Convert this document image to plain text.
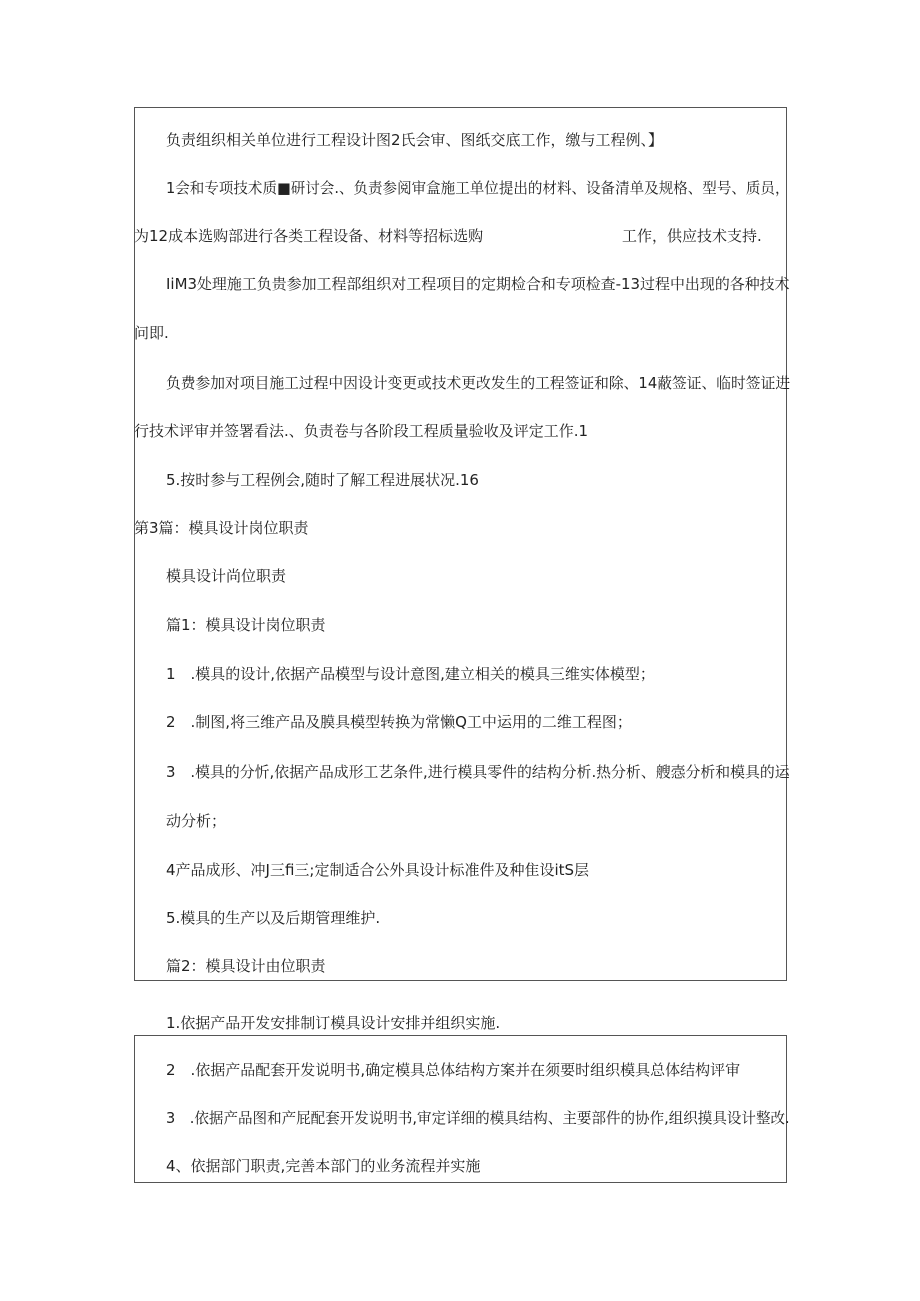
负责组织相关单位进行工程设计图2氏会审、图纸交底工作，缴与工程例、】
1会和专项技术质■研讨会.、负责参阅审盒施工单位提出的材料、设备清单及规格、型号、质员，
为12成本选购部进行各类工程设备、材料等招标选购	工作，供应技术支持.
IiM3处理施工负贵参加工程部组织对工程项目的定期检合和专项检查-13过程中出现的各种技术
问即.
负费参加对项目施工过程中因设计变更或技术更改发生的工程签证和除、14蔽签证、临时签证进
行技术评审并签署看法.、负责卷与各阶段工程质量验收及评定工作.1
5.按时参与工程例会,随时了解工程进展状况.16
第3篇：模具设计岗位职责
模具设计尚位职责
篇1：模具设计岗位职责
1　.模具的设计,依据产品模型与设计意图,建立相关的模具三维实体模型；
2　.制图,将三维产品及膜具模型转换为常懒Q工中运用的二维工程图；
3　.模具的分忻,依据产品成形工艺条件,进行模具零件的结构分析.热分析、艘悫分析和模具的运
动分析；
4产品成形、冲J三fi三;定制适合公外具设计标准件及种隹设itS层
5.模具的生产以及后期管理维护.
篇2：模具设计由位职责
1.依据产品开发安排制订模具设计安排并组织实施.
2　.依据产品配套开发说明书,确定模具总体结构方案并在须要时组织模具总体结构评审
3　.依据产品图和产屁配套开发说明书,审定详细的模具结构、主要部件的协作,组织摸具设计整改.
4、依据部门职责,完善本部门的业务流程并实施
